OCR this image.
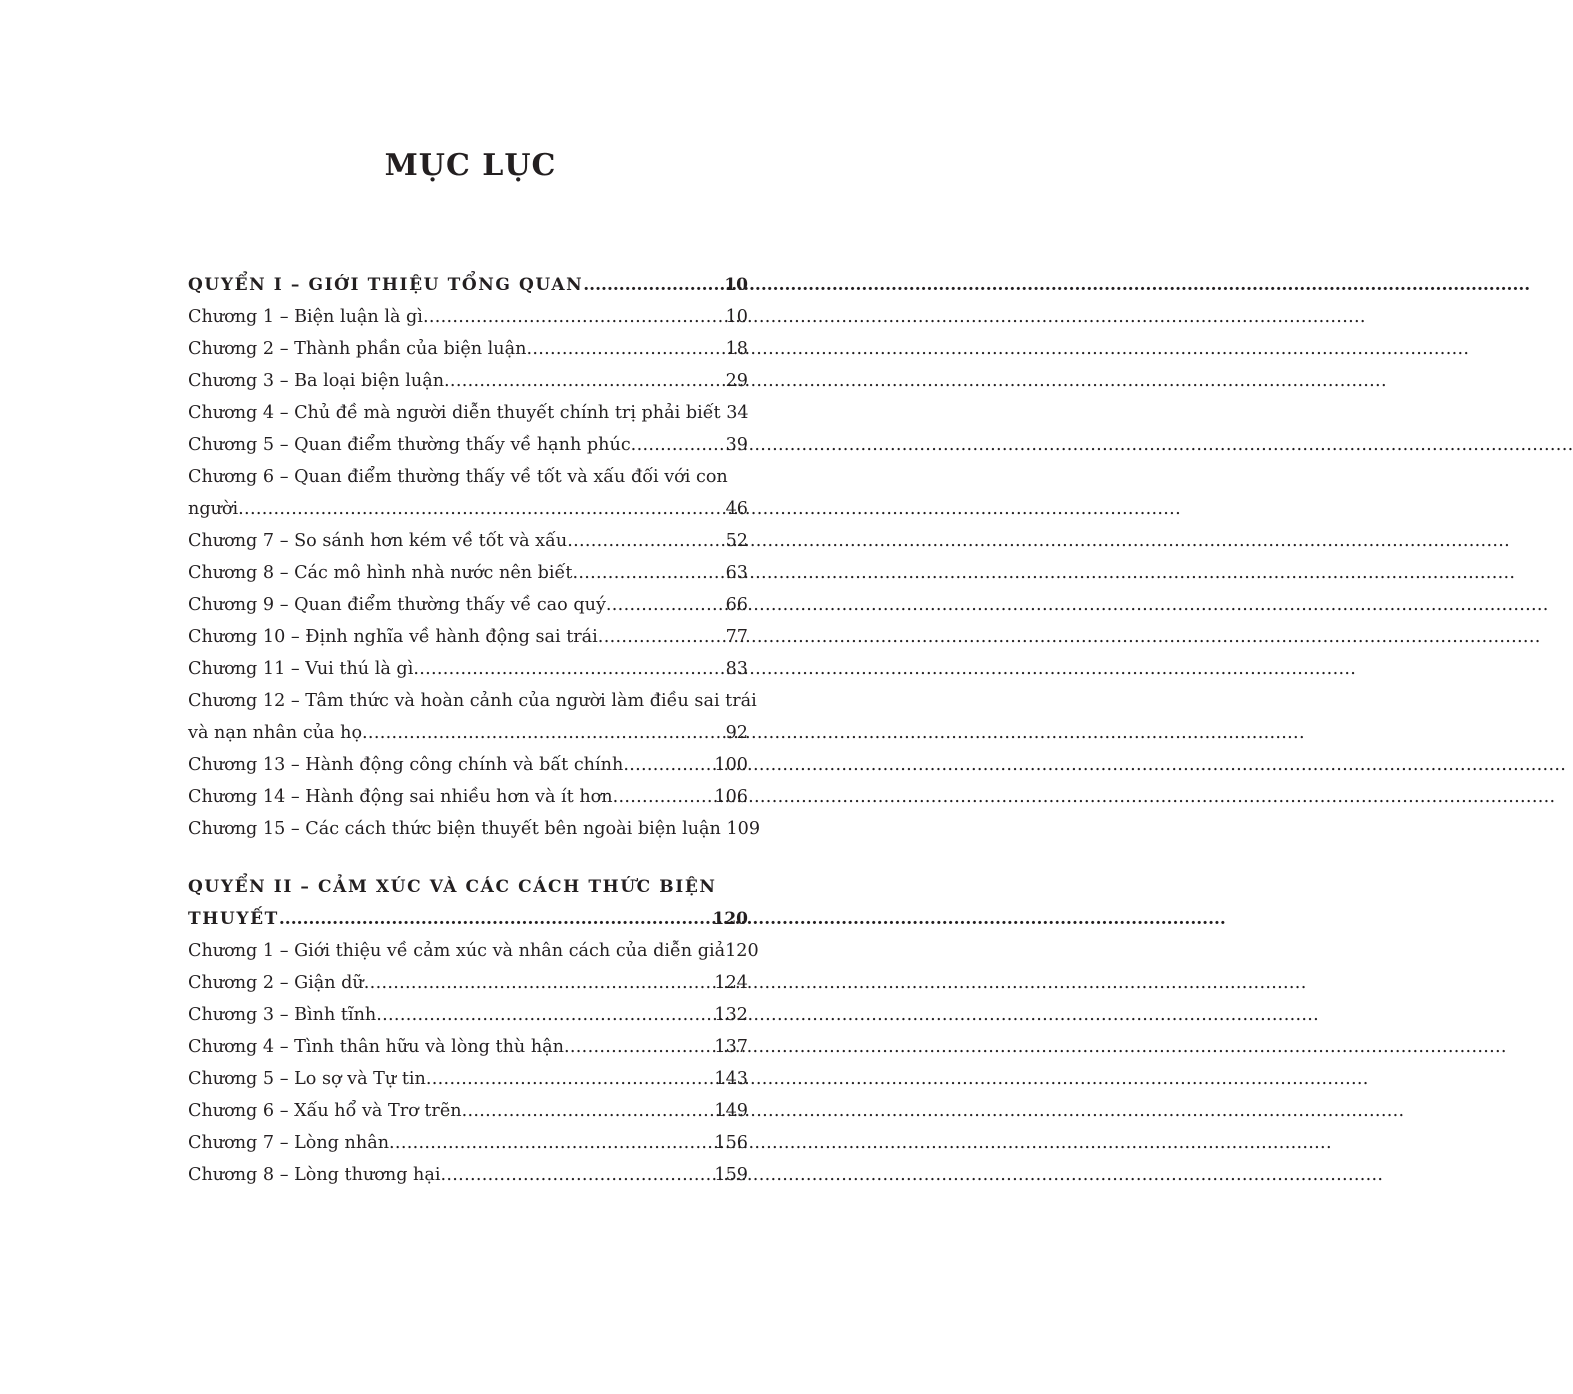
MỤC LỤC
QUYỂN I – GIỚI THIỆU TỔNG QUAN .....	10
Chương 1 – Biện luận là gì .....	10
Chương 2 – Thành phần của biện luận .....	18
Chương 3 – Ba loại biện luận .....	29
Chương 4 – Chủ đề mà người diễn thuyết chính trị phải biết 34
Chương 5 – Quan điểm thường thấy về hạnh phúc .....	39
Chương 6 – Quan điểm thường thấy về tốt và xấu đối với con
người .....	46
Chương 7 – So sánh hơn kém về tốt và xấu .....	52
Chương 8 – Các mô hình nhà nước nên biết .....	63
Chương 9 – Quan điểm thường thấy về cao quý .....	66
Chương 10 – Định nghĩa về hành động sai trái .....	77
Chương 11 – Vui thú là gì .....	83
Chương 12 – Tâm thức và hoàn cảnh của người làm điều sai trái
và nạn nhân của họ .....	92
Chương 13 – Hành động công chính và bất chính .....	100
Chương 14 – Hành động sai nhiều hơn và ít hơn .....	106
Chương 15 – Các cách thức biện thuyết bên ngoài biện luận 109
QUYỂN II – CẢM XÚC VÀ CÁC CÁCH THỨC BIỆN
THUYẾT .....	120
Chương 1 – Giới thiệu về cảm xúc và nhân cách của diễn giả 120
Chương 2 – Giận dữ .....	124
Chương 3 – Bình tĩnh .....	132
Chương 4 – Tình thân hữu và lòng thù hận .....	137
Chương 5 – Lo sợ và Tự tin .....	143
Chương 6 – Xấu hổ và Trơ trẽn .....	149
Chương 7 – Lòng nhân .....	156
Chương 8 – Lòng thương hại .....	159
